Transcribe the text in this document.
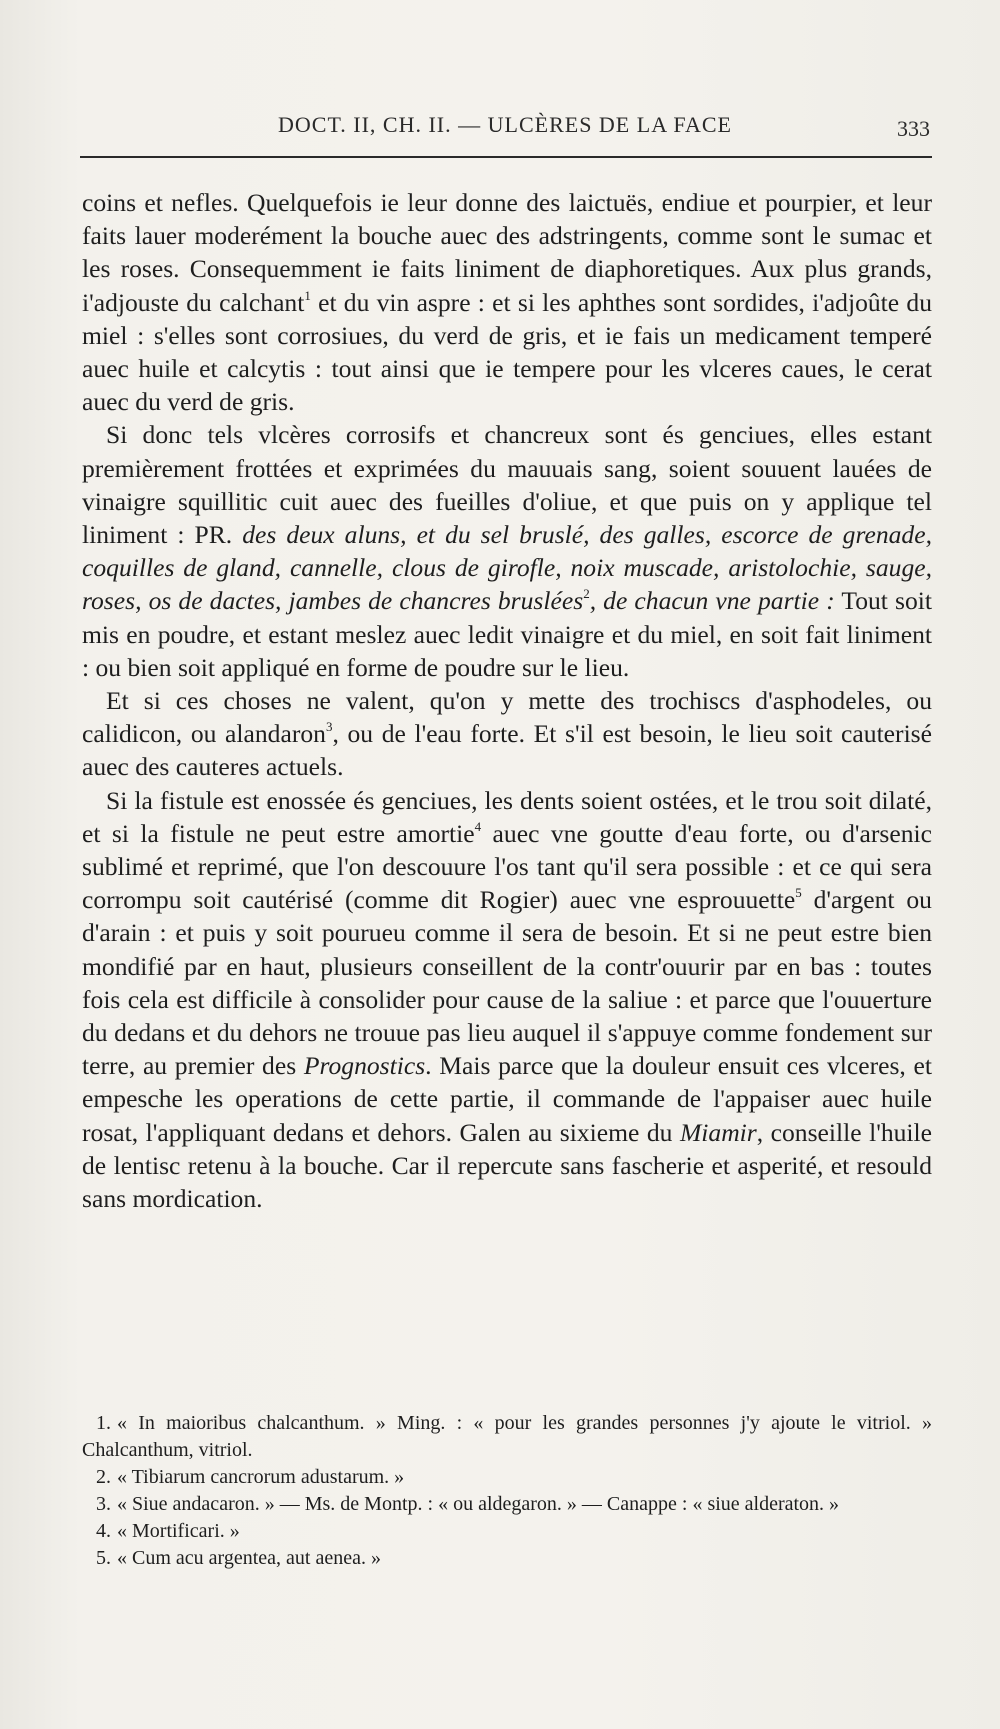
DOCT. II, CH. II. — ULCÈRES DE LA FACE	333

coins et nefles. Quelquefois ie leur donne des laictuës, endiue et pourpier, et leur faits lauer moderément la bouche auec des adstringents, comme sont le sumac et les roses. Consequemment ie faits liniment de diaphoretiques. Aux plus grands, i'adjouste du calchant$^1$ et du vin aspre : et si les aphthes sont sordides, i'adjoûte du miel : s'elles sont corrosiues, du verd de gris, et ie fais un medicament temperé auec huile et calcytis : tout ainsi que ie tempere pour les vlceres caues, le cerat auec du verd de gris.

Si donc tels vlcères corrosifs et chancreux sont és genciues, elles estant premièrement frottées et exprimées du mauuais sang, soient souuent lauées de vinaigre squillitic cuit auec des fueilles d'oliue, et que puis on y applique tel liniment : PR. des deux aluns, et du sel bruslé, des galles, escorce de grenade, coquilles de gland, cannelle, clous de girofle, noix muscade, aristolochie, sauge, roses, os de dactes, jambes de chancres bruslées$^2$, de chacun vne partie : Tout soit mis en poudre, et estant meslez auec ledit vinaigre et du miel, en soit fait liniment : ou bien soit appliqué en forme de poudre sur le lieu.

Et si ces choses ne valent, qu'on y mette des trochiscs d'asphodeles, ou calidicon, ou alandaron$^3$, ou de l'eau forte. Et s'il est besoin, le lieu soit cauterisé auec des cauteres actuels.

Si la fistule est enossée és genciues, les dents soient ostées, et le trou soit dilaté, et si la fistule ne peut estre amortie$^4$ auec vne goutte d'eau forte, ou d'arsenic sublimé et reprimé, que l'on descouure l'os tant qu'il sera possible : et ce qui sera corrompu soit cautérisé (comme dit Rogier) auec vne esprouuette$^5$ d'argent ou d'arain : et puis y soit pourueu comme il sera de besoin. Et si ne peut estre bien mondifié par en haut, plusieurs conseillent de la contr'ouurir par en bas : toutes fois cela est difficile à consolider pour cause de la saliue : et parce que l'ouuerture du dedans et du dehors ne trouue pas lieu auquel il s'appuye comme fondement sur terre, au premier des Prognostics. Mais parce que la douleur ensuit ces vlceres, et empesche les operations de cette partie, il commande de l'appaiser auec huile rosat, l'appliquant dedans et dehors. Galen au sixieme du Miamir, conseille l'huile de lentisc retenu à la bouche. Car il repercute sans fascherie et asperité, et resould sans mordication.

1. « In maioribus chalcanthum. » Ming. : « pour les grandes personnes j'y ajoute le vitriol. » Chalcanthum, vitriol.

2. « Tibiarum cancrorum adustarum. »

3. « Siue andacaron. » — Ms. de Montp. : « ou aldegaron. » — Canappe : « siue alderaton. »

4. « Mortificari. »

5. « Cum acu argentea, aut aenea. »
